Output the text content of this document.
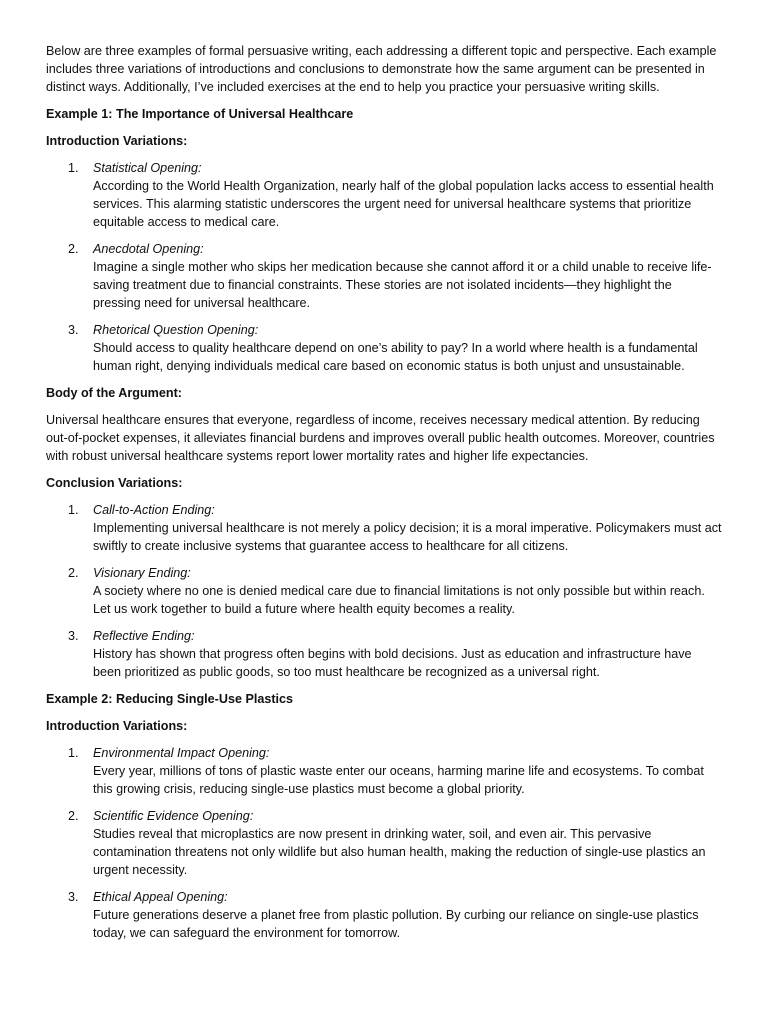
Below are three examples of formal persuasive writing, each addressing a different topic and perspective. Each example includes three variations of introductions and conclusions to demonstrate how the same argument can be presented in distinct ways. Additionally, I’ve included exercises at the end to help you practice your persuasive writing skills.

Example 1: The Importance of Universal Healthcare

Introduction Variations:

1. Statistical Opening:
According to the World Health Organization, nearly half of the global population lacks access to essential health services. This alarming statistic underscores the urgent need for universal healthcare systems that prioritize equitable access to medical care.
2. Anecdotal Opening:
Imagine a single mother who skips her medication because she cannot afford it or a child unable to receive life-saving treatment due to financial constraints. These stories are not isolated incidents—they highlight the pressing need for universal healthcare.
3. Rhetorical Question Opening:
Should access to quality healthcare depend on one’s ability to pay? In a world where health is a fundamental human right, denying individuals medical care based on economic status is both unjust and unsustainable.

Body of the Argument:

Universal healthcare ensures that everyone, regardless of income, receives necessary medical attention. By reducing out-of-pocket expenses, it alleviates financial burdens and improves overall public health outcomes. Moreover, countries with robust universal healthcare systems report lower mortality rates and higher life expectancies.

Conclusion Variations:

1. Call-to-Action Ending:
Implementing universal healthcare is not merely a policy decision; it is a moral imperative. Policymakers must act swiftly to create inclusive systems that guarantee access to healthcare for all citizens.
2. Visionary Ending:
A society where no one is denied medical care due to financial limitations is not only possible but within reach. Let us work together to build a future where health equity becomes a reality.
3. Reflective Ending:
History has shown that progress often begins with bold decisions. Just as education and infrastructure have been prioritized as public goods, so too must healthcare be recognized as a universal right.

Example 2: Reducing Single-Use Plastics

Introduction Variations:

1. Environmental Impact Opening:
Every year, millions of tons of plastic waste enter our oceans, harming marine life and ecosystems. To combat this growing crisis, reducing single-use plastics must become a global priority.
2. Scientific Evidence Opening:
Studies reveal that microplastics are now present in drinking water, soil, and even air. This pervasive contamination threatens not only wildlife but also human health, making the reduction of single-use plastics an urgent necessity.
3. Ethical Appeal Opening:
Future generations deserve a planet free from plastic pollution. By curbing our reliance on single-use plastics today, we can safeguard the environment for tomorrow.
